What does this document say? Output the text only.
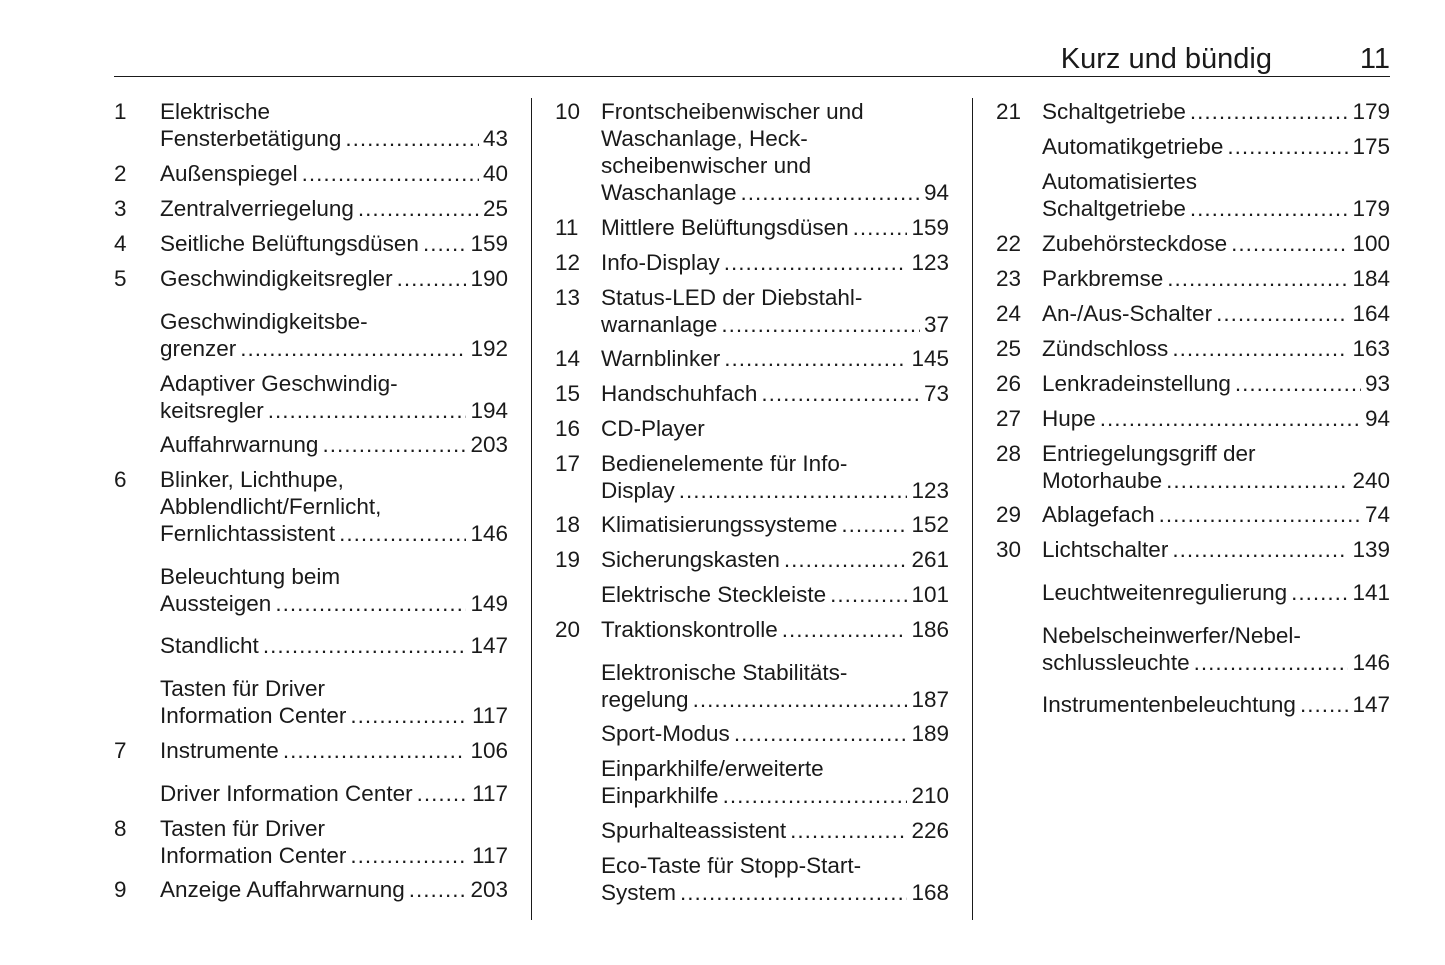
Kurz und bündig	11
1	Elektrische
Fensterbetätigung .....	43
2	Außenspiegel .....	40
3	Zentralverriegelung .....	25
4	Seitliche Belüftungsdüsen ..... 159
5	Geschwindigkeitsregler .....	190
Geschwindigkeitsbe-
grenzer .....	192
Adaptiver Geschwindig-
keitsregler .....	194
Auffahrwarnung .....	203
6	Blinker, Lichthupe,
Abblendlicht/Fernlicht,
Fernlichtassistent .....	146
Beleuchtung beim
Aussteigen .....	149
Standlicht .....	147
Tasten für Driver
Information Center .....	117
7	Instrumente .....	106
Driver Information Center .....	117
8	Tasten für Driver
Information Center .....	117
9	Anzeige Auffahrwarnung .....	203
10 Frontscheibenwischer und
Waschanlage, Heck-
scheibenwischer und
Waschanlage .....	94
11	Mittlere Belüftungsdüsen .....	159
12 Info-Display .....	123
13 Status-LED der Diebstahl-
warnanlage .....	37
14 Warnblinker .....	145
15 Handschuhfach .....	73
16 CD-Player
17 Bedienelemente für Info-
Display .....	123
18 Klimatisierungssysteme .....	152
19 Sicherungskasten .....	261
Elektrische Steckleiste .....	101
20 Traktionskontrolle .....	186
Elektronische Stabilitäts-
regelung .....	187
Sport-Modus .....	189
Einparkhilfe/erweiterte
Einparkhilfe .....	210
Spurhalteassistent .....	226
Eco-Taste für Stopp-Start-
System .....	168
21 Schaltgetriebe .....	179
Automatikgetriebe .....	175
Automatisiertes
Schaltgetriebe .....	179
22 Zubehörsteckdose .....	100
23 Parkbremse .....	184
24 An-/Aus-Schalter .....	164
25 Zündschloss .....	163
26 Lenkradeinstellung .....	93
27 Hupe .....	94
28 Entriegelungsgriff der
Motorhaube .....	240
29 Ablagefach .....	74
30 Lichtschalter .....	139
Leuchtweitenregulierung .....	141
Nebelscheinwerfer/Nebel-
schlussleuchte .....	146
Instrumentenbeleuchtung .....	147
